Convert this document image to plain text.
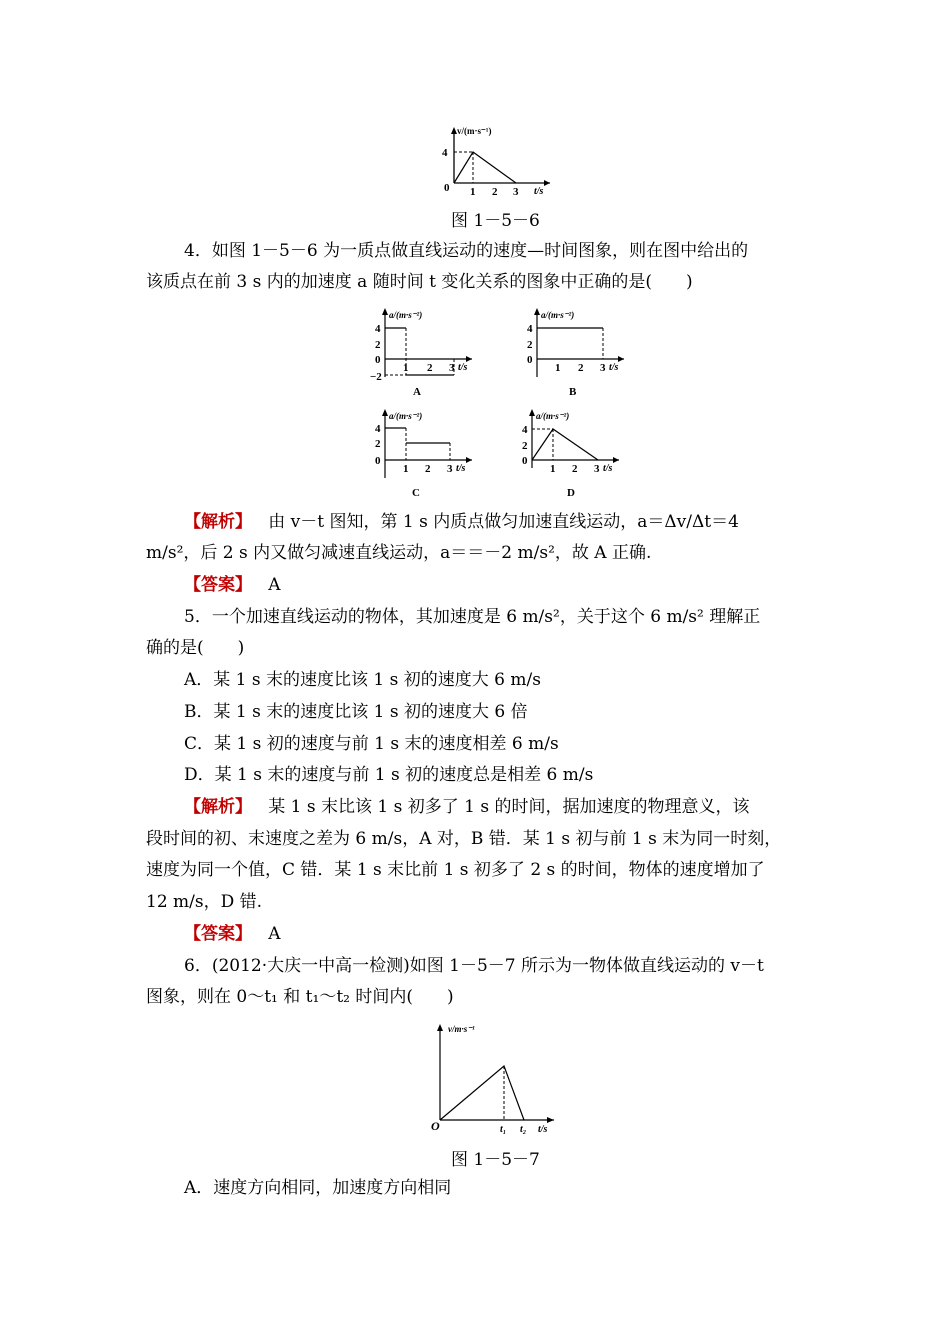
v/(m·s⁻¹)
4
0 1 2 3 t/s
图 1－5－6
4．如图 1－5－6 为一质点做直线运动的速度—时间图象，则在图中给出的
该质点在前 3 s 内的加速度 a 随时间 t 变化关系的图象中正确的是(　　)
a/(m·s⁻²)
4
2
0
−2
1 2 3 t/s
A
a/(m·s⁻²)
4
2
0
1 2 3 t/s
B
a/(m·s⁻²)
4
2
0
1 2 3 t/s
C
a/(m·s⁻²)
4
2
0
1 2 3 t/s
D
【解析】 由 v－t 图知，第 1 s 内质点做匀加速直线运动，a＝Δv/Δt＝4
m/s²，后 2 s 内又做匀减速直线运动，a＝＝－2 m/s²，故 A 正确.
【答案】 A
5．一个加速直线运动的物体，其加速度是 6 m/s²，关于这个 6 m/s² 理解正
确的是(　　)
A．某 1 s 末的速度比该 1 s 初的速度大 6 m/s
B．某 1 s 末的速度比该 1 s 初的速度大 6 倍
C．某 1 s 初的速度与前 1 s 末的速度相差 6 m/s
D．某 1 s 末的速度与前 1 s 初的速度总是相差 6 m/s
【解析】 某 1 s 末比该 1 s 初多了 1 s 的时间，据加速度的物理意义，该
段时间的初、末速度之差为 6 m/s，A 对，B 错．某 1 s 初与前 1 s 末为同一时刻，
速度为同一个值，C 错．某 1 s 末比前 1 s 初多了 2 s 的时间，物体的速度增加了
12 m/s，D 错.
【答案】 A
6．(2012·大庆一中高一检测)如图 1－5－7 所示为一物体做直线运动的 v－t
图象，则在 0～t₁ 和 t₁～t₂ 时间内(　　)
v/m·s⁻¹
O	t₁ t₂ t/s
图 1－5－7
A．速度方向相同，加速度方向相同
